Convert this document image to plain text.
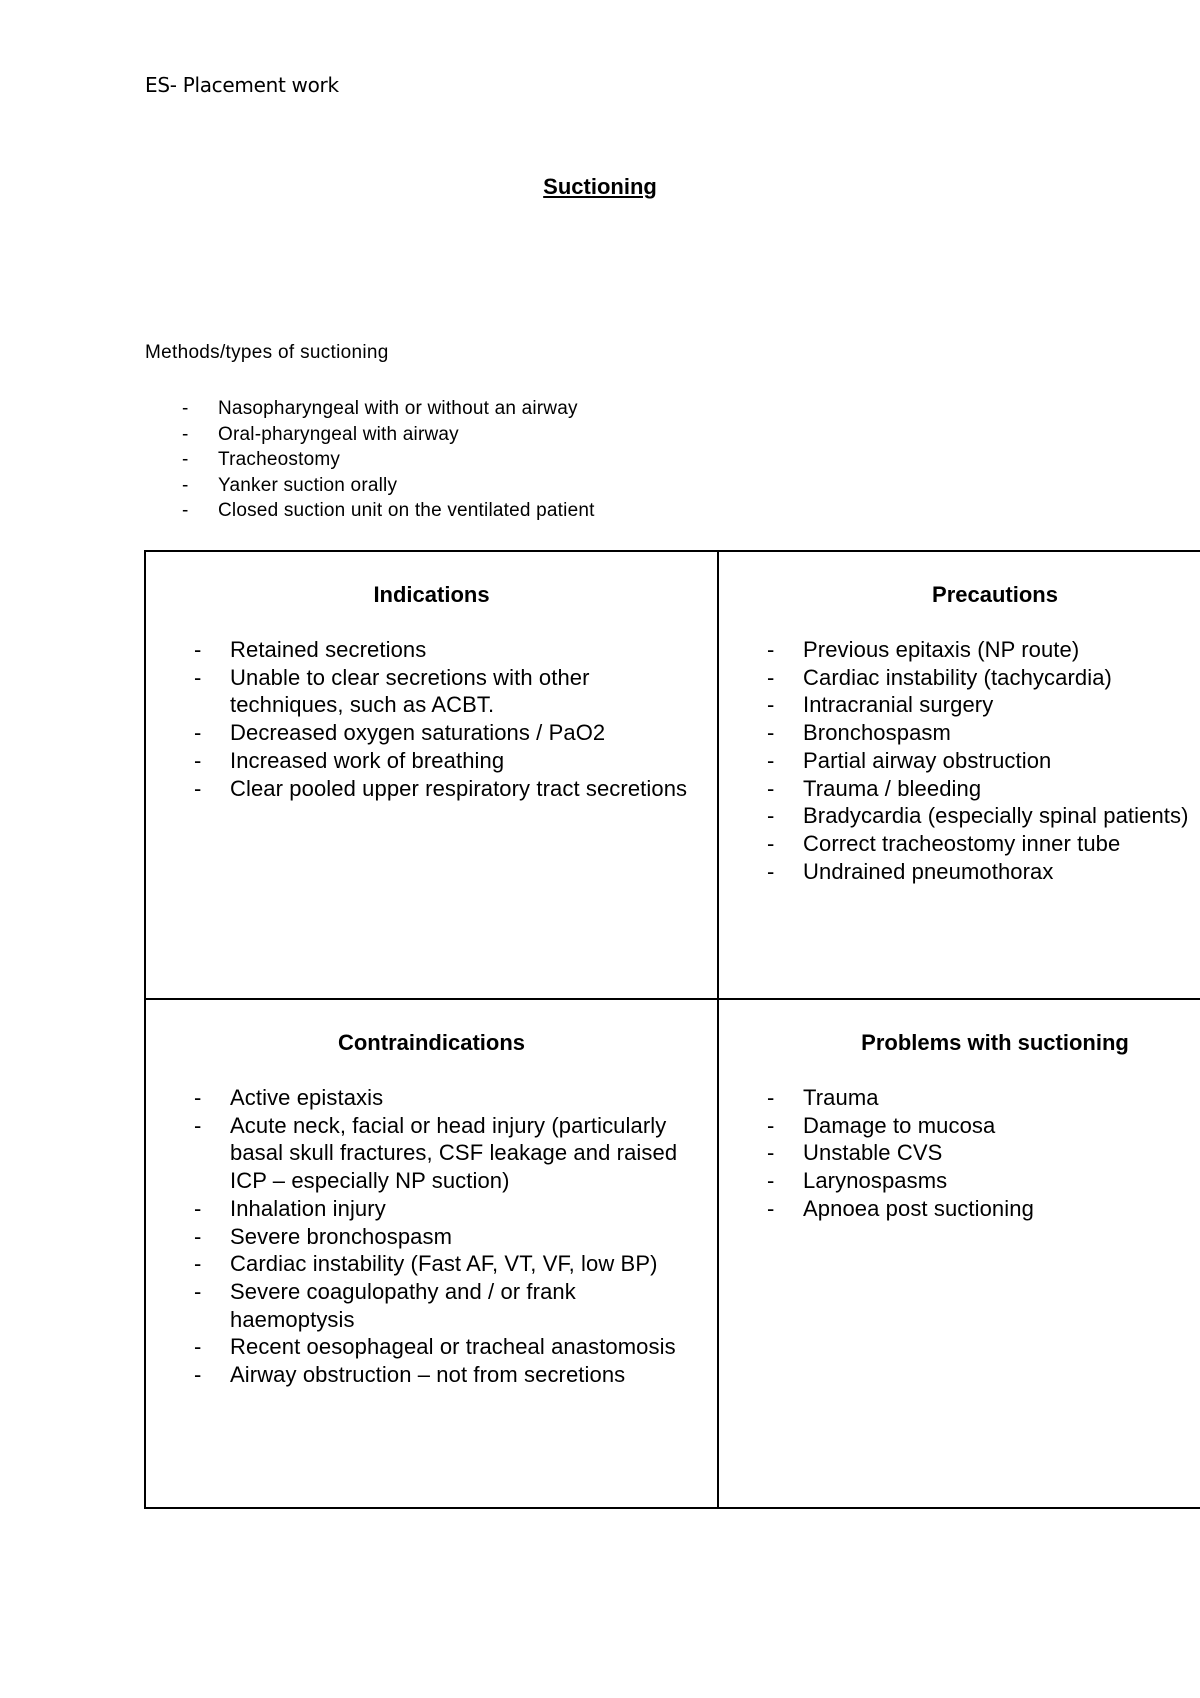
ES- Placement work
Suctioning
Methods/types of suctioning
- Nasopharyngeal with or without an airway
- Oral-pharyngeal with airway
- Tracheostomy
- Yanker suction orally
- Closed suction unit on the ventilated patient
Indications
- Retained secretions
- Unable to clear secretions with other techniques, such as ACBT.
- Decreased oxygen saturations / PaO2
- Increased work of breathing
- Clear pooled upper respiratory tract secretions
Precautions
- Previous epitaxis (NP route)
- Cardiac instability (tachycardia)
- Intracranial surgery
- Bronchospasm
- Partial airway obstruction
- Trauma / bleeding
- Bradycardia (especially spinal patients)
- Correct tracheostomy inner tube
- Undrained pneumothorax
Contraindications
- Active epistaxis
- Acute neck, facial or head injury (particularly basal skull fractures, CSF leakage and raised ICP – especially NP suction)
- Inhalation injury
- Severe bronchospasm
- Cardiac instability (Fast AF, VT, VF, low BP)
- Severe coagulopathy and / or frank haemoptysis
- Recent oesophageal or tracheal anastomosis
- Airway obstruction – not from secretions
Problems with suctioning
- Trauma
- Damage to mucosa
- Unstable CVS
- Larynospasms
- Apnoea post suctioning
